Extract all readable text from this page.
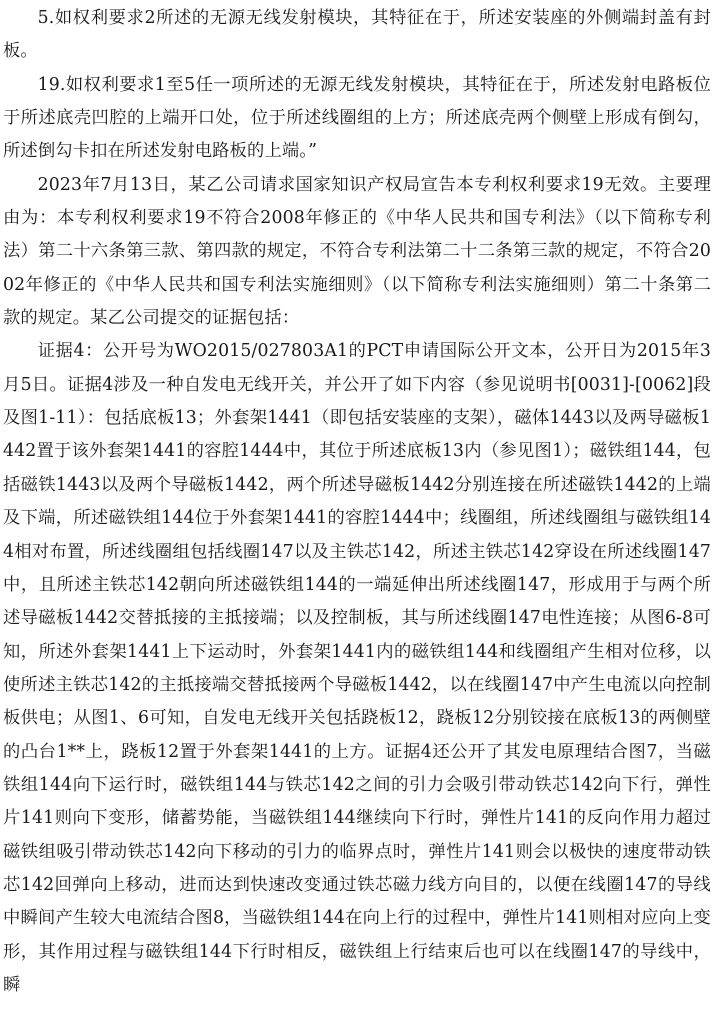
5.如权利要求2所述的无源无线发射模块，其特征在于，所述安装座的外侧端封盖有封板。

19.如权利要求1至5任一项所述的无源无线发射模块，其特征在于，所述发射电路板位于所述底壳凹腔的上端开口处，位于所述线圈组的上方；所述底壳两个侧壁上形成有倒勾，所述倒勾卡扣在所述发射电路板的上端。”

2023年7月13日，某乙公司请求国家知识产权局宣告本专利权利要求19无效。主要理由为：本专利权利要求19不符合2008年修正的《中华人民共和国专利法》（以下简称专利法）第二十六条第三款、第四款的规定，不符合专利法第二十二条第三款的规定，不符合2002年修正的《中华人民共和国专利法实施细则》（以下简称专利法实施细则）第二十条第二款的规定。某乙公司提交的证据包括：

证据4：公开号为WO2015/027803A1的PCT申请国际公开文本，公开日为2015年3月5日。证据4涉及一种自发电无线开关，并公开了如下内容（参见说明书[0031]-[0062]段及图1-11）：包括底板13；外套架1441（即包括安装座的支架），磁体1443以及两导磁板1442置于该外套架1441的容腔1444中，其位于所述底板13内（参见图1）；磁铁组144，包括磁铁1443以及两个导磁板1442，两个所述导磁板1442分别连接在所述磁铁1442的上端及下端，所述磁铁组144位于外套架1441的容腔1444中；线圈组，所述线圈组与磁铁组144相对布置，所述线圈组包括线圈147以及主铁芯142，所述主铁芯142穿设在所述线圈147中，且所述主铁芯142朝向所述磁铁组144的一端延伸出所述线圈147，形成用于与两个所述导磁板1442交替抵接的主抵接端；以及控制板，其与所述线圈147电性连接；从图6-8可知，所述外套架1441上下运动时，外套架1441内的磁铁组144和线圈组产生相对位移，以使所述主铁芯142的主抵接端交替抵接两个导磁板1442，以在线圈147中产生电流以向控制板供电；从图1、6可知，自发电无线开关包括跷板12，跷板12分别铰接在底板13的两侧壁的凸台1**上，跷板12置于外套架1441的上方。证据4还公开了其发电原理结合图7，当磁铁组144向下运行时，磁铁组144与铁芯142之间的引力会吸引带动铁芯142向下行，弹性片141则向下变形，储蓄势能，当磁铁组144继续向下行时，弹性片141的反向作用力超过磁铁组吸引带动铁芯142向下移动的引力的临界点时，弹性片141则会以极快的速度带动铁芯142回弹向上移动，进而达到快速改变通过铁芯磁力线方向目的，以便在线圈147的导线中瞬间产生较大电流结合图8，当磁铁组144在向上行的过程中，弹性片141则相对应向上变形，其作用过程与磁铁组144下行时相反，磁铁组上行结束后也可以在线圈147的导线中，瞬
